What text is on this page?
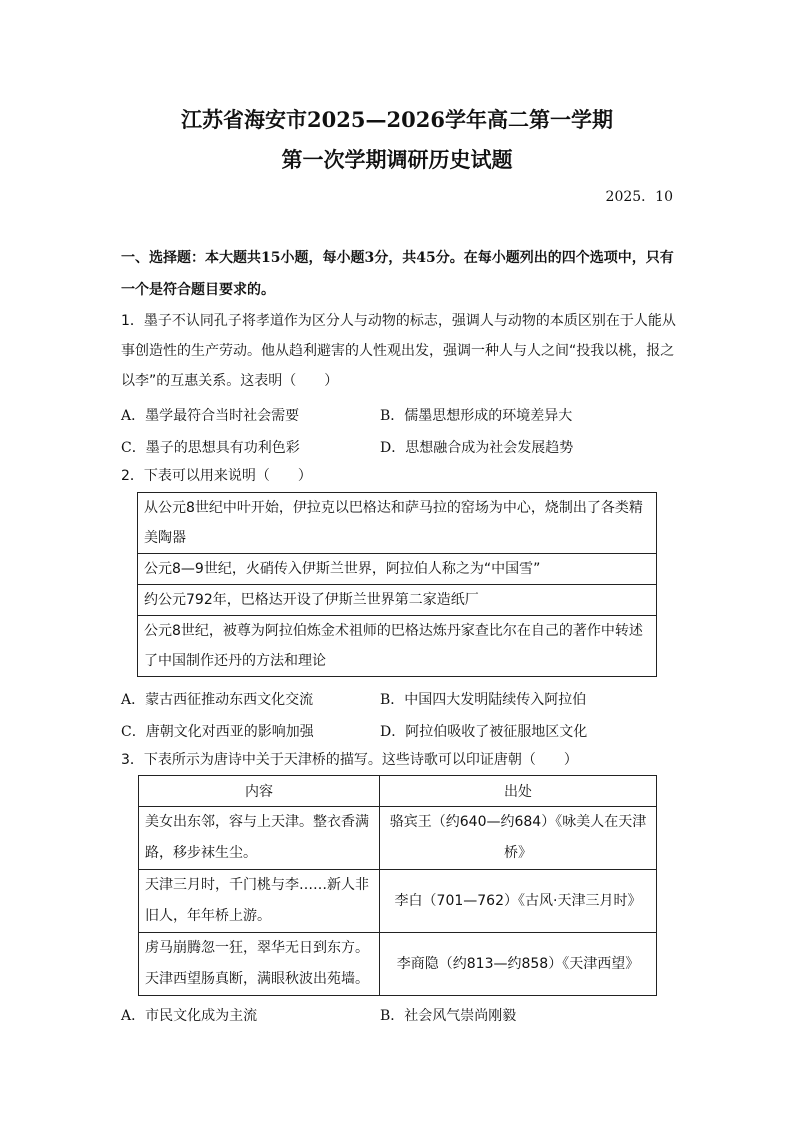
江苏省海安市2025—2026学年高二第一学期
第一次学期调研历史试题
2025．10
一、选择题：本大题共15小题，每小题3分，共45分。在每小题列出的四个选项中，只有一个是符合题目要求的。
1．墨子不认同孔子将孝道作为区分人与动物的标志，强调人与动物的本质区别在于人能从事创造性的生产劳动。他从趋利避害的人性观出发，强调一种人与人之间“投我以桃，报之以李”的互惠关系。这表明（　　）
A．墨学最符合当时社会需要	B．儒墨思想形成的环境差异大
C．墨子的思想具有功利色彩	D．思想融合成为社会发展趋势
2．下表可以用来说明（　　）
从公元8世纪中叶开始，伊拉克以巴格达和萨马拉的窑场为中心，烧制出了各类精美陶器
公元8—9世纪，火硝传入伊斯兰世界，阿拉伯人称之为“中国雪”
约公元792年，巴格达开设了伊斯兰世界第二家造纸厂
公元8世纪，被尊为阿拉伯炼金术祖师的巴格达炼丹家查比尔在自己的著作中转述了中国制作还丹的方法和理论
A．蒙古西征推动东西文化交流	B．中国四大发明陆续传入阿拉伯
C．唐朝文化对西亚的影响加强	D．阿拉伯吸收了被征服地区文化
3．下表所示为唐诗中关于天津桥的描写。这些诗歌可以印证唐朝（　　）
内容	出处
美女出东邻，容与上天津。整衣香满路，移步袜生尘。	骆宾王（约640—约684）《咏美人在天津桥》
天津三月时，千门桃与李……新人非旧人，年年桥上游。	李白（701—762）《古风·天津三月时》
虏马崩腾忽一狂，翠华无日到东方。天津西望肠真断，满眼秋波出苑墙。	李商隐（约813—约858）《天津西望》
A．市民文化成为主流	B．社会风气崇尚刚毅
